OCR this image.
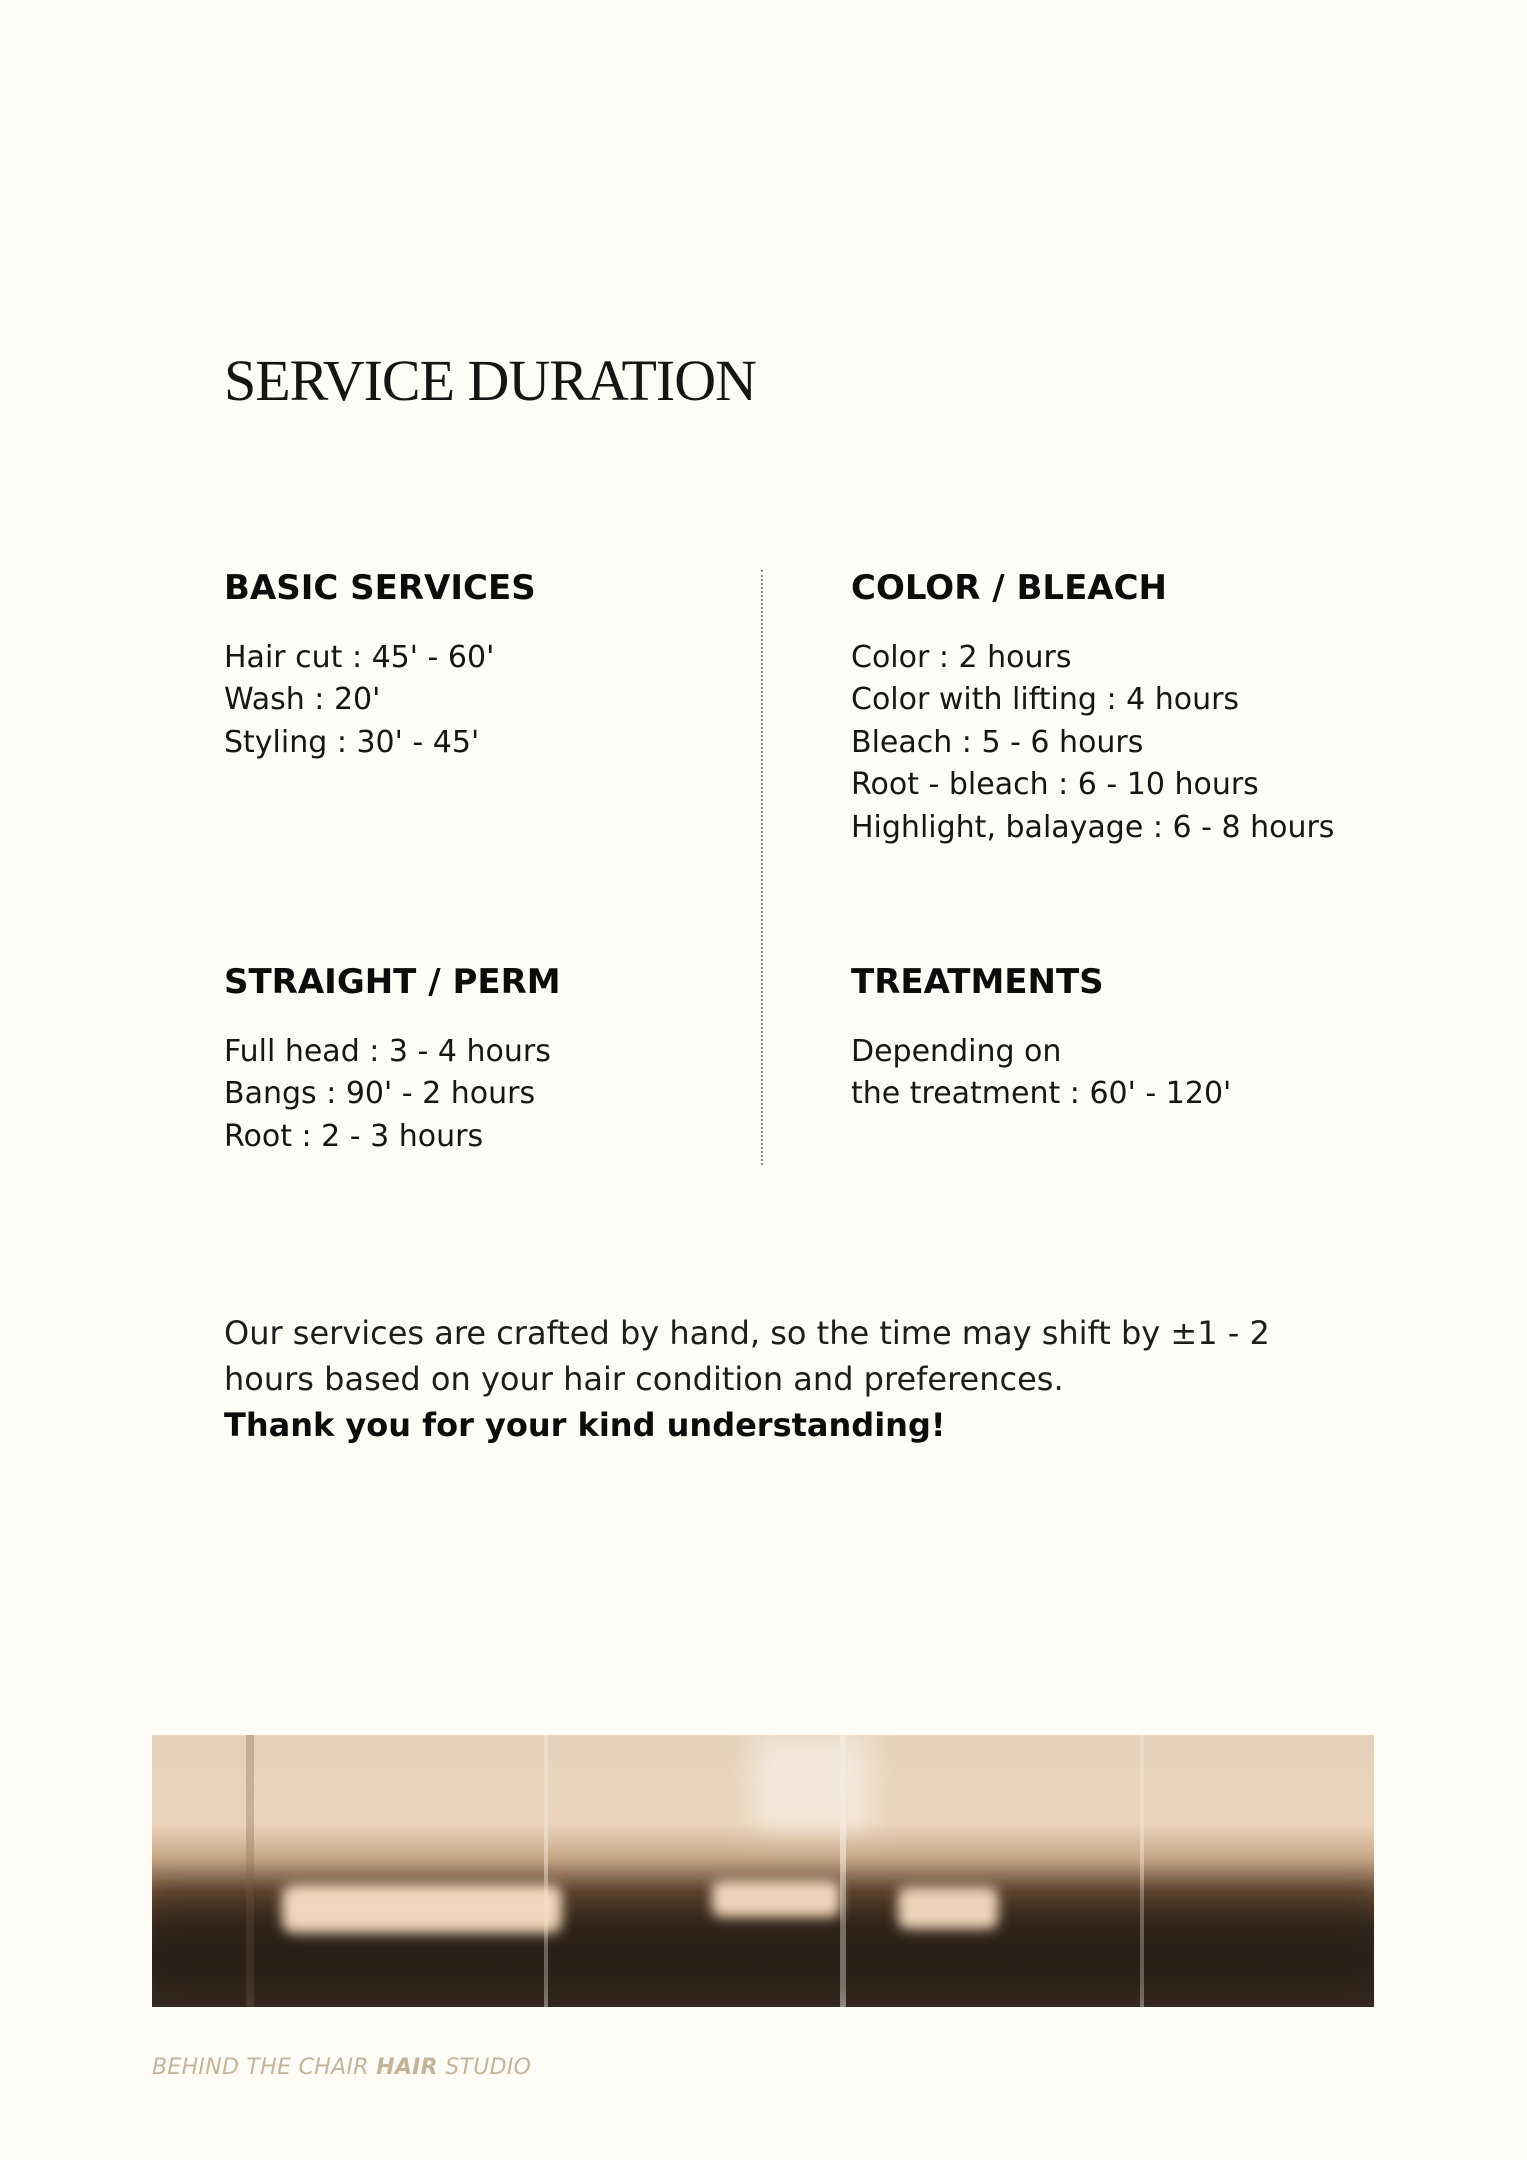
SERVICE DURATION
BASIC SERVICES
Hair cut : 45' - 60'
Wash : 20'
Styling : 30' - 45'
COLOR / BLEACH
Color : 2 hours
Color with lifting : 4 hours
Bleach : 5 - 6 hours
Root - bleach : 6 - 10 hours
Highlight, balayage : 6 - 8 hours
STRAIGHT / PERM
Full head : 3 - 4 hours
Bangs : 90' - 2 hours
Root : 2 - 3 hours
TREATMENTS
Depending on
the treatment : 60' - 120'

Our services are crafted by hand, so the time may shift by ±1 - 2

hours based on your hair condition and preferences.

Thank you for your kind understanding!

BEHIND THE CHAIR HAIR STUDIO
